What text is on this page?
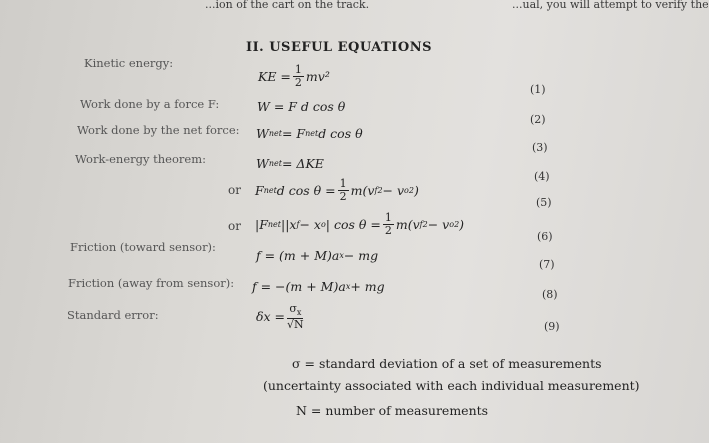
...ion of the cart on the track.	...ual, you will attempt to verify the
II. USEFUL EQUATIONS
Kinetic energy:
Work done by a force F:
Work done by the net force:
Work-energy theorem:
Friction (toward sensor):
Friction (away from sensor):
Standard error:
KE = $\frac{1}{2} mv^2$
W = F d cos θ
W net = F net d cos θ
W net = ΔKE
or F net d $\cos \theta = \frac{1}{2} m(v$ f 2 − v o 2 )
or |F net ||x f − x o | $\cos \theta = \frac{1}{2} m(v$ f 2 − v o 2 )
f = (m + M)a x − mg
f = −(m + M)a x + mg
$\delta x = \frac{\sigma_x}{√N}$
(1)
(2)
(3)
(4)
(5)
(6)
(7)
(8)
(9)
σ = standard deviation of a set of measurements
(uncertainty associated with each individual measurement)
N = number of measurements
